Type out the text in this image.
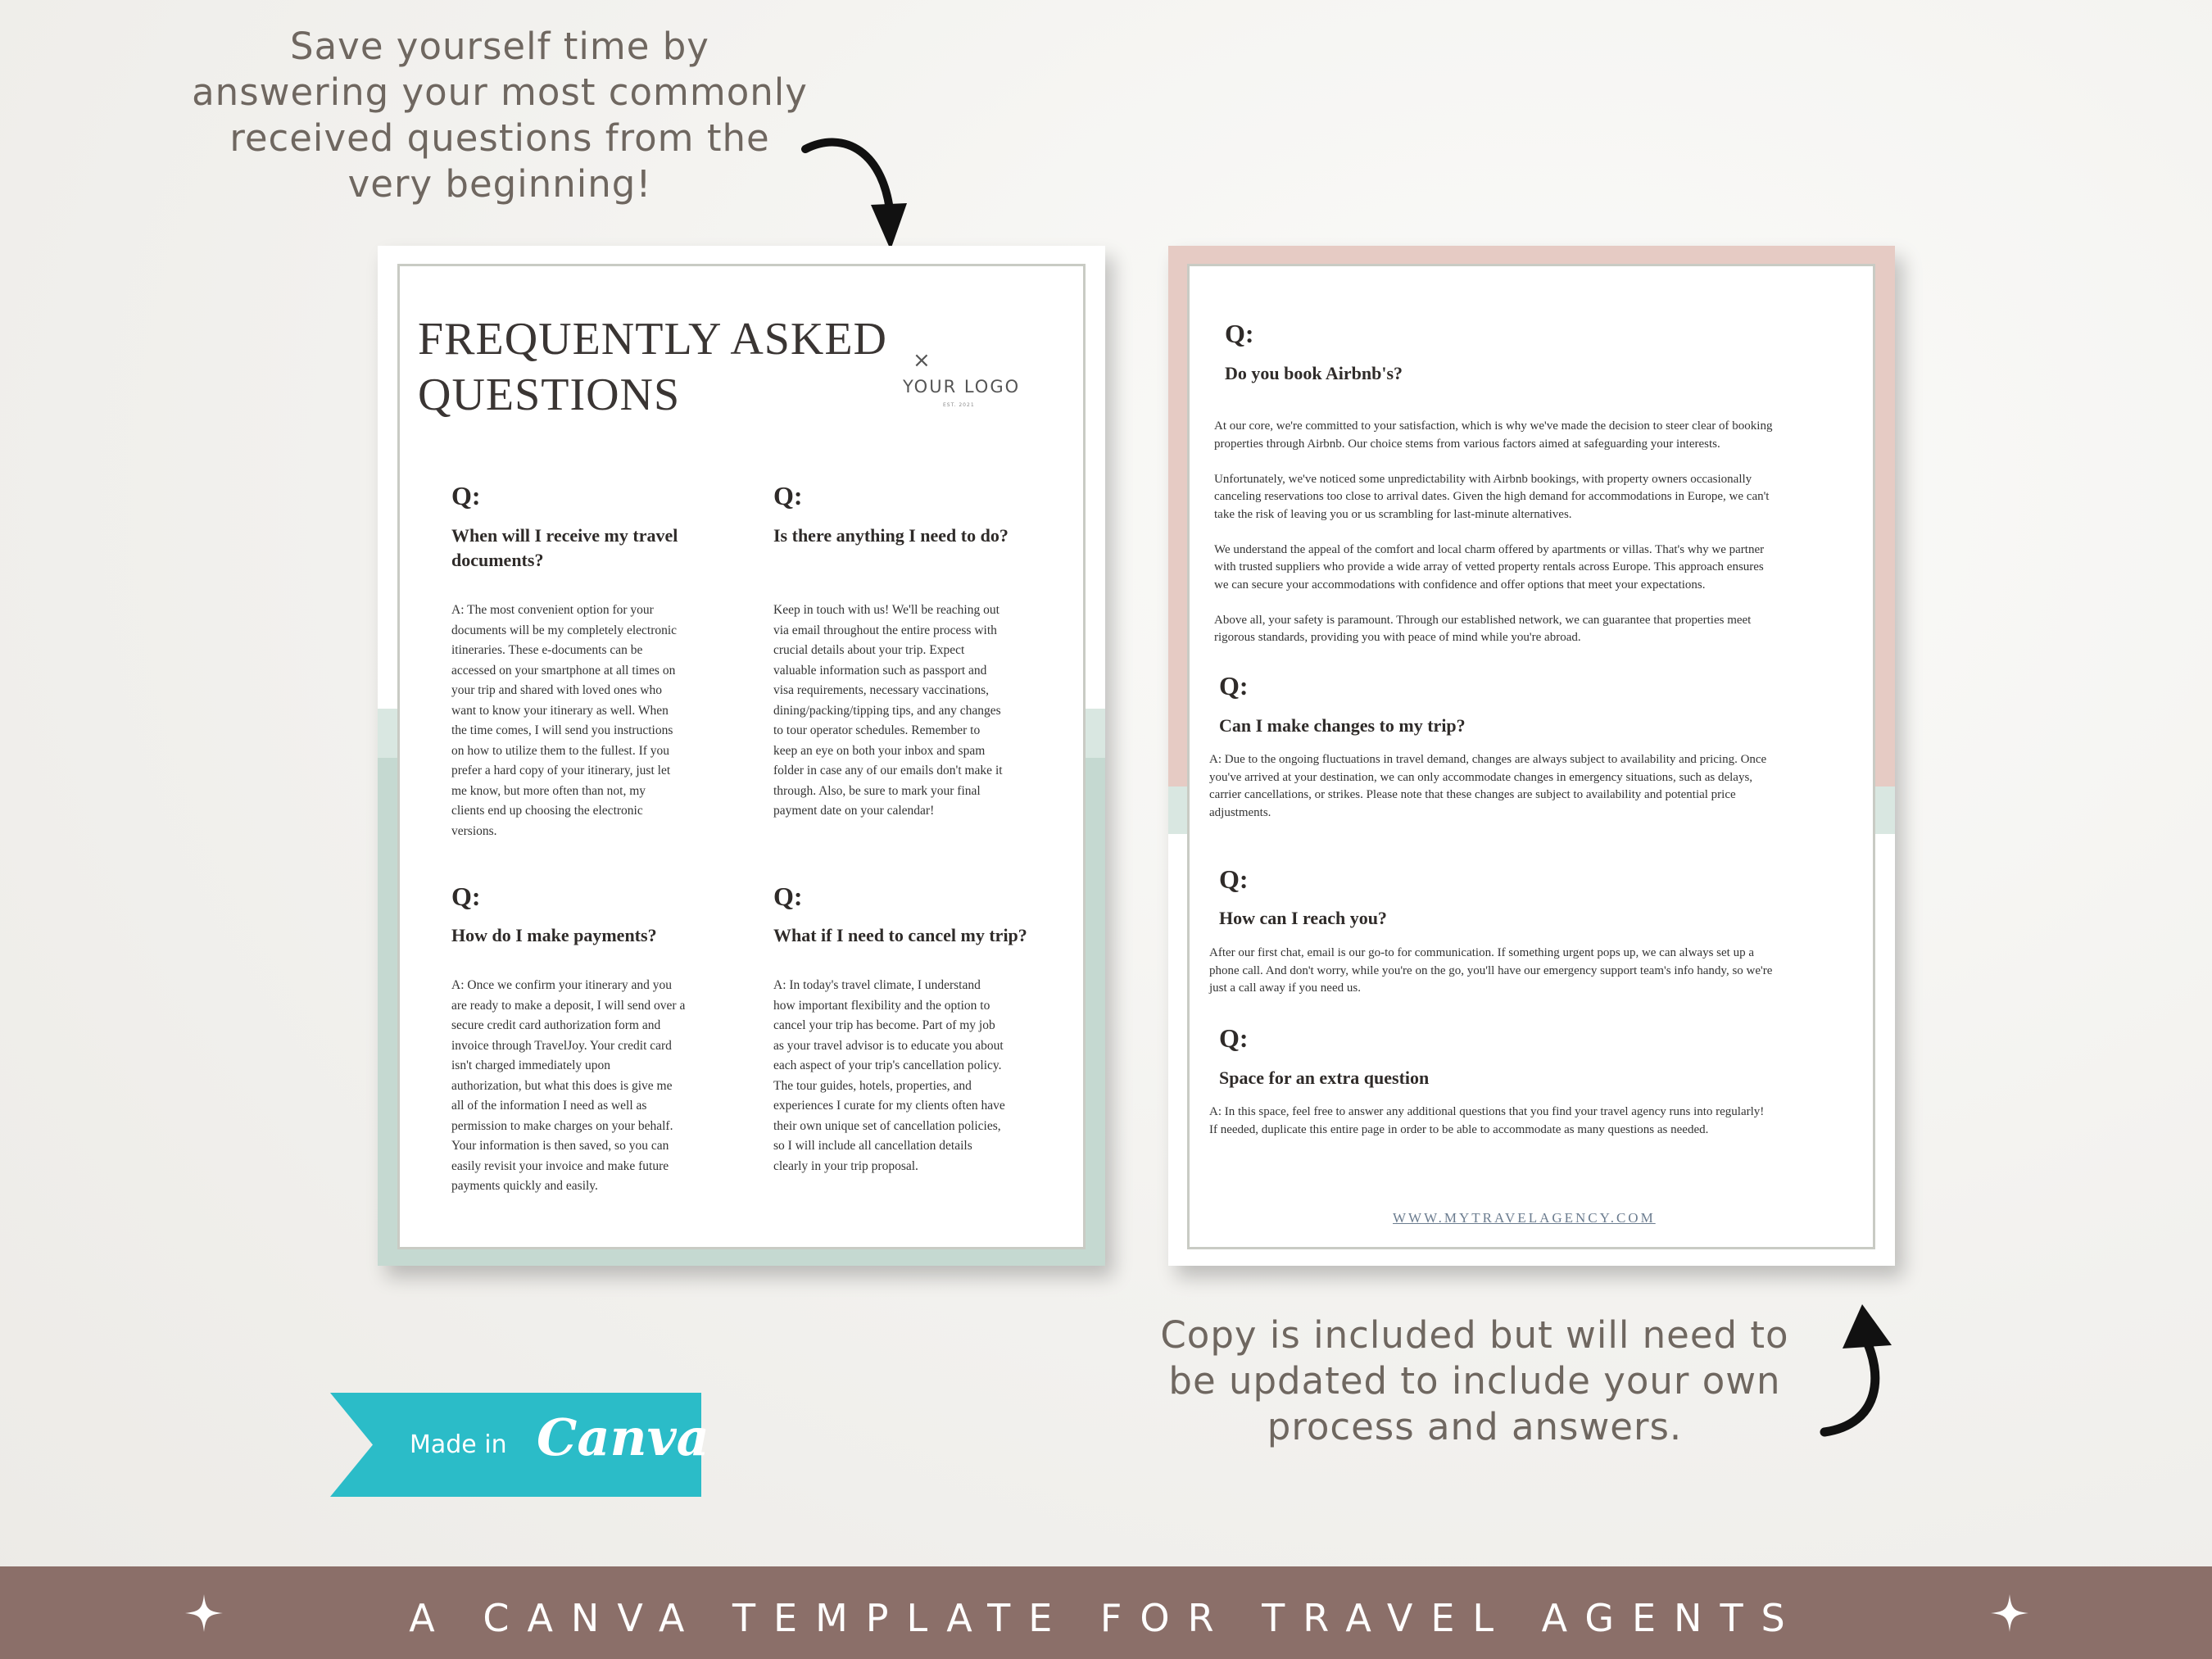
Save yourself time by
answering your most commonly
received questions from the
very beginning!
FREQUENTLY ASKED
QUESTIONS
×
YOUR LOGO
EST. 2021
Q:
When will I receive my travel
documents?
A: The most convenient option for your
documents will be my completely electronic
itineraries. These e-documents can be
accessed on your smartphone at all times on
your trip and shared with loved ones who
want to know your itinerary as well. When
the time comes, I will send you instructions
on how to utilize them to the fullest. If you
prefer a hard copy of your itinerary, just let
me know, but more often than not, my
clients end up choosing the electronic
versions.
Q:
Is there anything I need to do?
Keep in touch with us! We'll be reaching out
via email throughout the entire process with
crucial details about your trip. Expect
valuable information such as passport and
visa requirements, necessary vaccinations,
dining/packing/tipping tips, and any changes
to tour operator schedules. Remember to
keep an eye on both your inbox and spam
folder in case any of our emails don't make it
through. Also, be sure to mark your final
payment date on your calendar!
Q:
How do I make payments?
A: Once we confirm your itinerary and you
are ready to make a deposit, I will send over a
secure credit card authorization form and
invoice through TravelJoy. Your credit card
isn't charged immediately upon
authorization, but what this does is give me
all of the information I need as well as
permission to make charges on your behalf.
Your information is then saved, so you can
easily revisit your invoice and make future
payments quickly and easily.
Q:
What if I need to cancel my trip?
A: In today's travel climate, I understand
how important flexibility and the option to
cancel your trip has become. Part of my job
as your travel advisor is to educate you about
each aspect of your trip's cancellation policy.
The tour guides, hotels, properties, and
experiences I curate for my clients often have
their own unique set of cancellation policies,
so I will include all cancellation details
clearly in your trip proposal.
Q:
Do you book Airbnb's?
At our core, we're committed to your satisfaction, which is why we've made the decision to steer clear of booking
properties through Airbnb. Our choice stems from various factors aimed at safeguarding your interests.

Unfortunately, we've noticed some unpredictability with Airbnb bookings, with property owners occasionally
canceling reservations too close to arrival dates. Given the high demand for accommodations in Europe, we can't
take the risk of leaving you or us scrambling for last-minute alternatives.

We understand the appeal of the comfort and local charm offered by apartments or villas. That's why we partner
with trusted suppliers who provide a wide array of vetted property rentals across Europe. This approach ensures
we can secure your accommodations with confidence and offer options that meet your expectations.

Above all, your safety is paramount. Through our established network, we can guarantee that properties meet
rigorous standards, providing you with peace of mind while you're abroad.
Q:
Can I make changes to my trip?
A: Due to the ongoing fluctuations in travel demand, changes are always subject to availability and pricing. Once
you've arrived at your destination, we can only accommodate changes in emergency situations, such as delays,
carrier cancellations, or strikes. Please note that these changes are subject to availability and potential price
adjustments.
Q:
How can I reach you?
After our first chat, email is our go-to for communication. If something urgent pops up, we can always set up a
phone call. And don't worry, while you're on the go, you'll have our emergency support team's info handy, so we're
just a call away if you need us.
Q:
Space for an extra question
A: In this space, feel free to answer any additional questions that you find your travel agency runs into regularly!
If needed, duplicate this entire page in order to be able to accommodate as many questions as needed.
WWW.MYTRAVELAGENCY.COM
Copy is included but will need to
be updated to include your own
process and answers.
Made in Canva
A CANVA TEMPLATE FOR TRAVEL AGENTS
